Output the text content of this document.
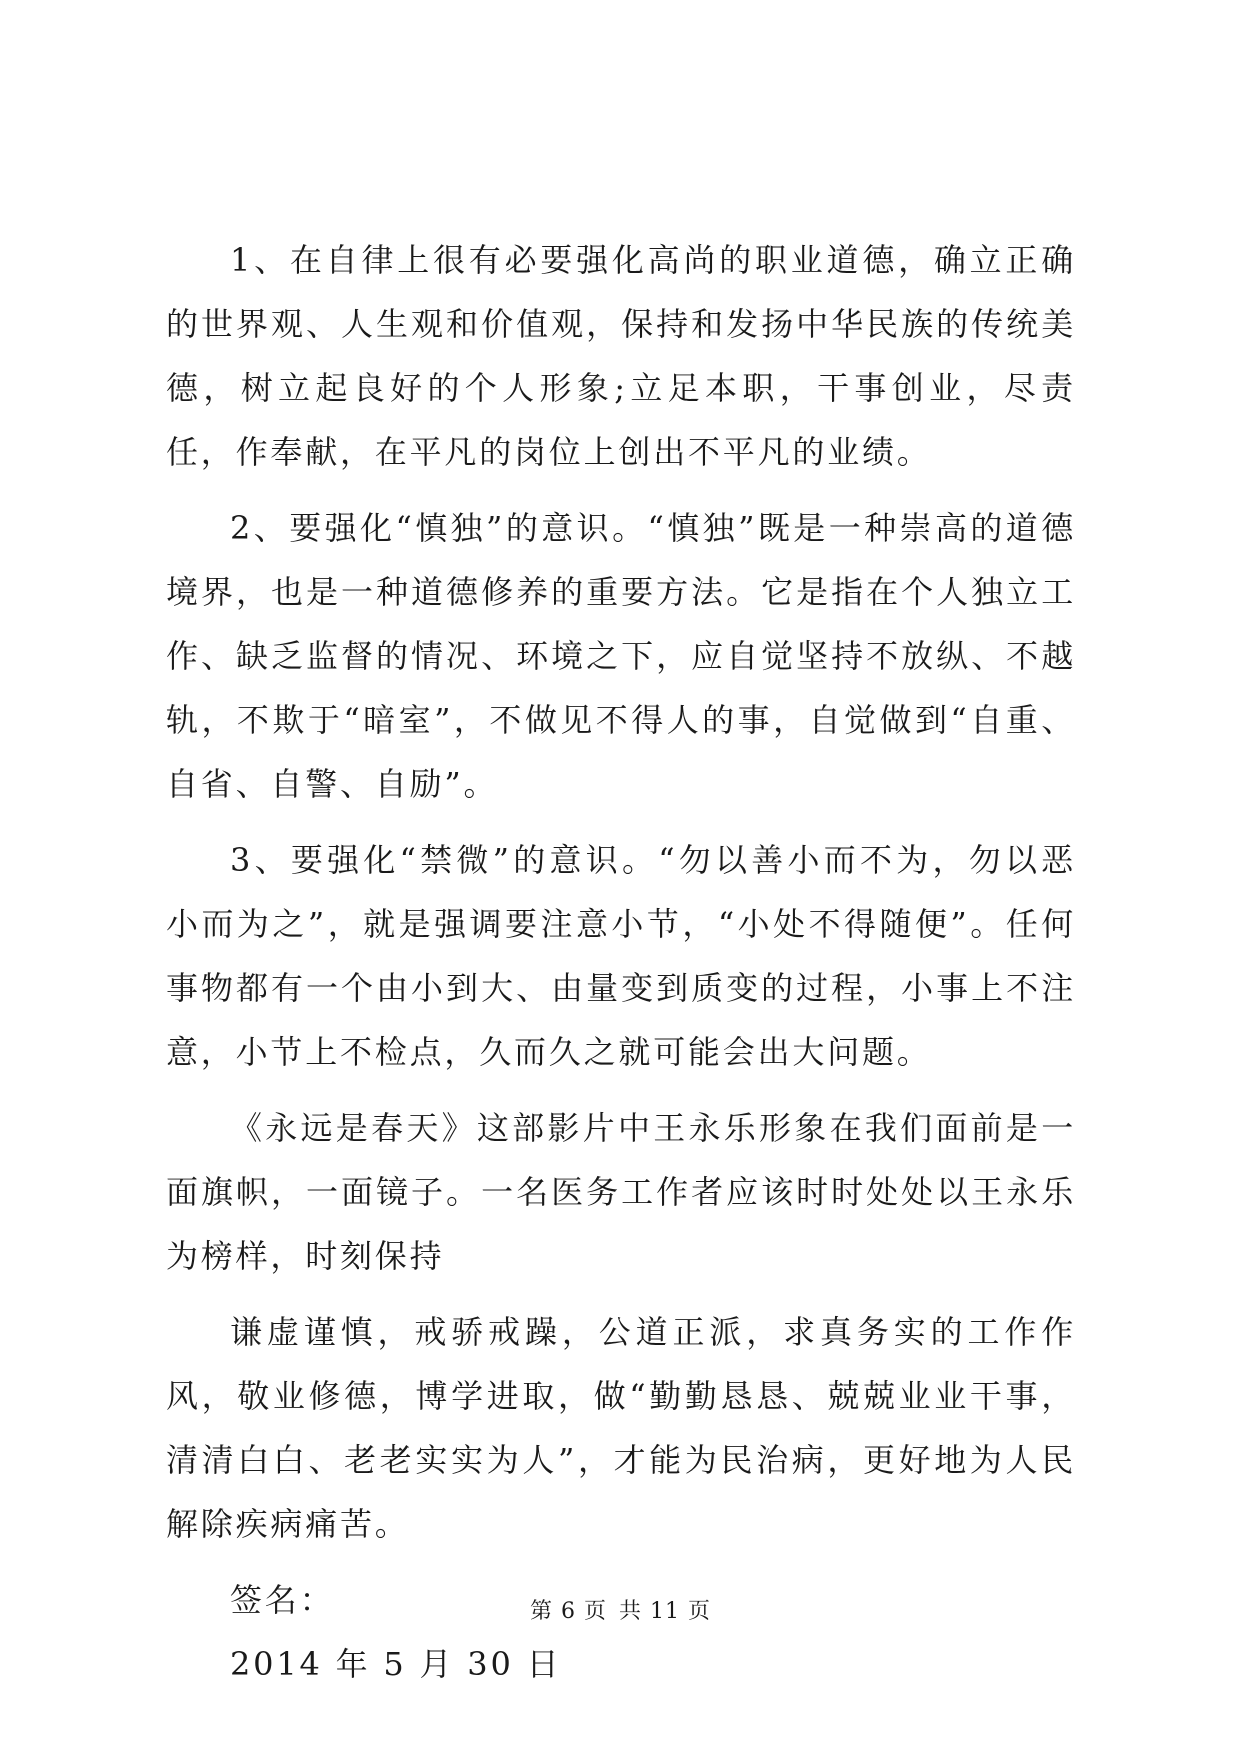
1、在自律上很有必要强化高尚的职业道德，确立正确的世界观、人生观和价值观，保持和发扬中华民族的传统美德，树立起良好的个人形象;立足本职，干事创业，尽责任，作奉献，在平凡的岗位上创出不平凡的业绩。

2、要强化“慎独”的意识。“慎独”既是一种崇高的道德境界，也是一种道德修养的重要方法。它是指在个人独立工作、缺乏监督的情况、环境之下，应自觉坚持不放纵、不越轨，不欺于“暗室”，不做见不得人的事，自觉做到“自重、自省、自警、自励”。

3、要强化“禁微”的意识。“勿以善小而不为，勿以恶小而为之”，就是强调要注意小节，“小处不得随便”。任何事物都有一个由小到大、由量变到质变的过程，小事上不注意，小节上不检点，久而久之就可能会出大问题。

《永远是春天》这部影片中王永乐形象在我们面前是一面旗帜，一面镜子。一名医务工作者应该时时处处以王永乐为榜样，时刻保持

谦虚谨慎，戒骄戒躁，公道正派，求真务实的工作作风，敬业修德，博学进取，做“勤勤恳恳、兢兢业业干事，清清白白、老老实实为人”，才能为民治病，更好地为人民解除疾病痛苦。

签名：

2014 年 5 月 30 日

第 6 页 共 11 页
